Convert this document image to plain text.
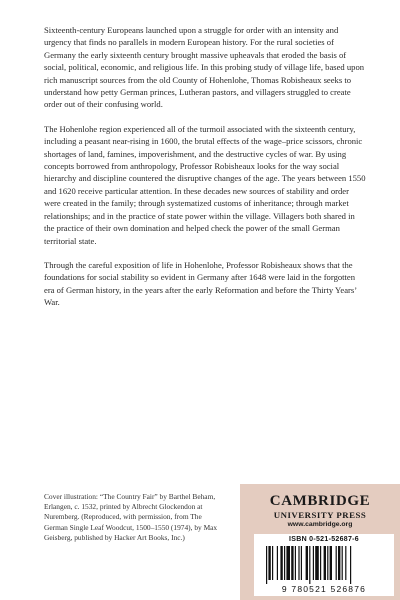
Sixteenth-century Europeans launched upon a struggle for order with an intensity and urgency that finds no parallels in modern European history. For the rural societies of Germany the early sixteenth century brought massive upheavals that eroded the basis of social, political, economic, and religious life. In this probing study of village life, based upon rich manuscript sources from the old County of Hohenlohe, Thomas Robisheaux seeks to understand how petty German princes, Lutheran pastors, and villagers struggled to create order out of their confusing world.

The Hohenlohe region experienced all of the turmoil associated with the sixteenth century, including a peasant near-rising in 1600, the brutal effects of the wage–price scissors, chronic shortages of land, famines, impoverishment, and the destructive cycles of war. By using concepts borrowed from anthropology, Professor Robisheaux looks for the way social hierarchy and discipline countered the disruptive changes of the age. The years between 1550 and 1620 receive particular attention. In these decades new sources of stability and order were created in the family; through systematized customs of inheritance; through market relationships; and in the practice of state power within the village. Villagers both shared in the practice of their own domination and helped check the power of the small German territorial state.

Through the careful exposition of life in Hohenlohe, Professor Robisheaux shows that the foundations for social stability so evident in Germany after 1648 were laid in the forgotten era of German history, in the years after the early Reformation and before the Thirty Years’ War.

Cover illustration: “The Country Fair” by Barthel Beham, Erlangen, c. 1532, printed by Albrecht Glockendon at Nuremberg. (Reproduced, with permission, from The German Single Leaf Woodcut, 1500–1550 (1974), by Max Geisberg, published by Hacker Art Books, Inc.)
CAMBRIDGE
UNIVERSITY PRESS
www.cambridge.org
ISBN 0-521-52687-6
9 780521 526876
